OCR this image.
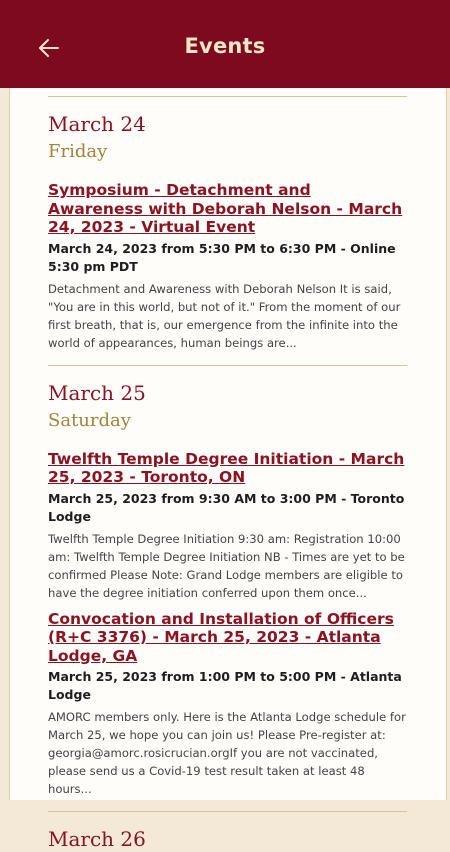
Events
March 24
Friday
Symposium - Detachment and Awareness with Deborah Nelson - March 24, 2023 - Virtual Event
March 24, 2023 from 5:30 PM to 6:30 PM - Online 5:30 pm PDT
Detachment and Awareness with Deborah Nelson It is said, "You are in this world, but not of it." From the moment of our first breath, that is, our emergence from the infinite into the world of appearances, human beings are...
March 25
Saturday
Twelfth Temple Degree Initiation - March 25, 2023 - Toronto, ON
March 25, 2023 from 9:30 AM to 3:00 PM - Toronto Lodge
Twelfth Temple Degree Initiation 9:30 am: Registration 10:00 am: Twelfth Temple Degree Initiation NB - Times are yet to be confirmed Please Note: Grand Lodge members are eligible to have the degree initiation conferred upon them once...
Convocation and Installation of Officers (R+C 3376) - March 25, 2023 - Atlanta Lodge, GA
March 25, 2023 from 1:00 PM to 5:00 PM - Atlanta Lodge
AMORC members only. Here is the Atlanta Lodge schedule for March 25, we hope you can join us! Please Pre-register at: georgia@amorc.rosicrucian.orgIf you are not vaccinated, please send us a Covid-19 test result taken at least 48 hours...
March 26
